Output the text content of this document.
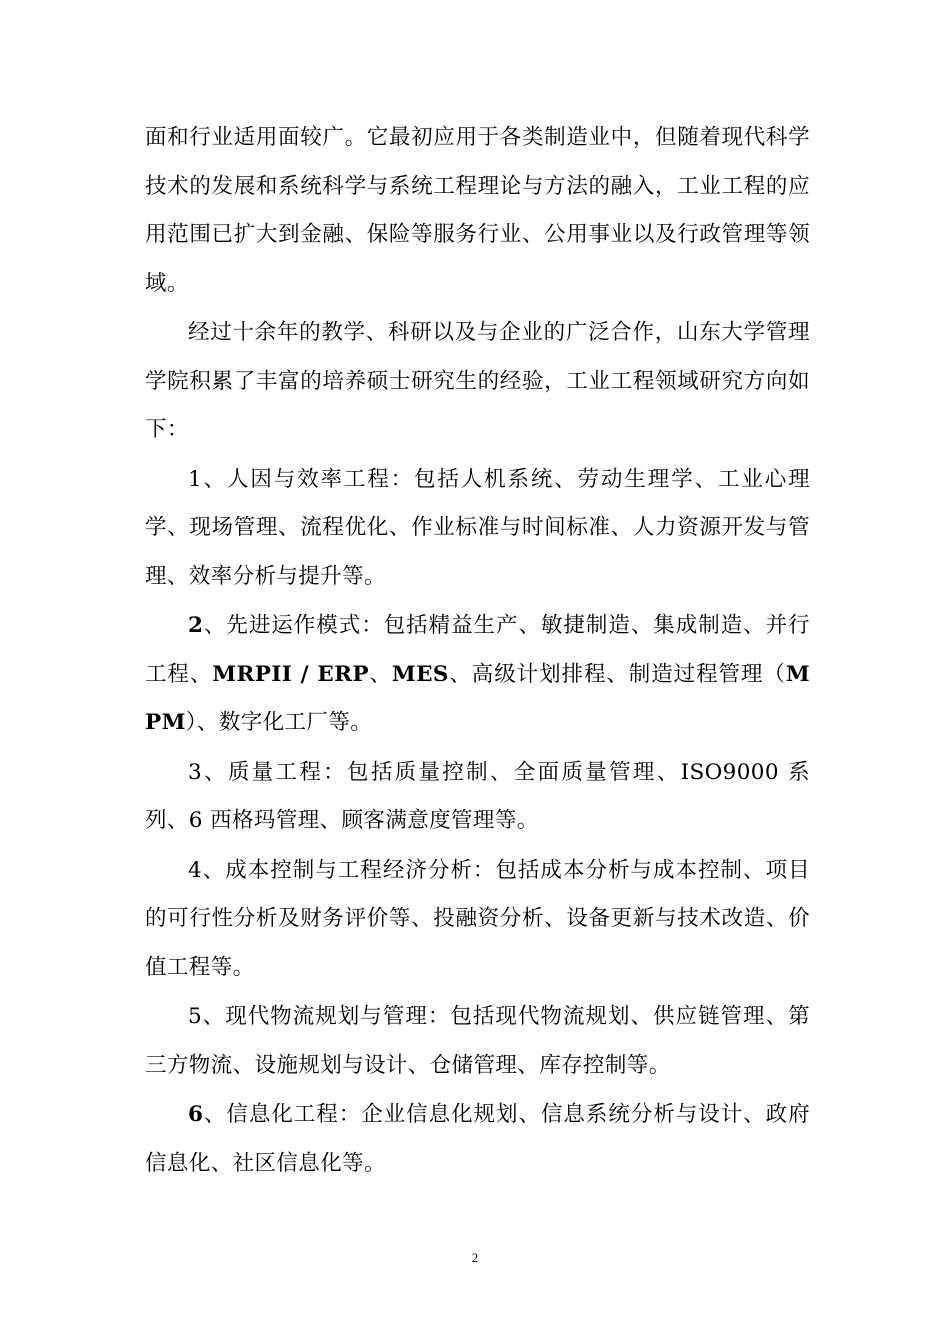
面和行业适用面较广。它最初应用于各类制造业中，但随着现代科学技术的发展和系统科学与系统工程理论与方法的融入，工业工程的应用范围已扩大到金融、保险等服务行业、公用事业以及行政管理等领域。

经过十余年的教学、科研以及与企业的广泛合作，山东大学管理学院积累了丰富的培养硕士研究生的经验，工业工程领域研究方向如下：

1、人因与效率工程：包括人机系统、劳动生理学、工业心理学、现场管理、流程优化、作业标准与时间标准、人力资源开发与管理、效率分析与提升等。

2、先进运作模式：包括精益生产、敏捷制造、集成制造、并行工程、MRPII / ERP、MES、高级计划排程、制造过程管理（MPM）、数字化工厂等。

3、质量工程：包括质量控制、全面质量管理、ISO9000 系列、6 西格玛管理、顾客满意度管理等。

4、成本控制与工程经济分析：包括成本分析与成本控制、项目的可行性分析及财务评价等、投融资分析、设备更新与技术改造、价值工程等。

5、现代物流规划与管理：包括现代物流规划、供应链管理、第三方物流、设施规划与设计、仓储管理、库存控制等。

6、信息化工程：企业信息化规划、信息系统分析与设计、政府信息化、社区信息化等。

2
